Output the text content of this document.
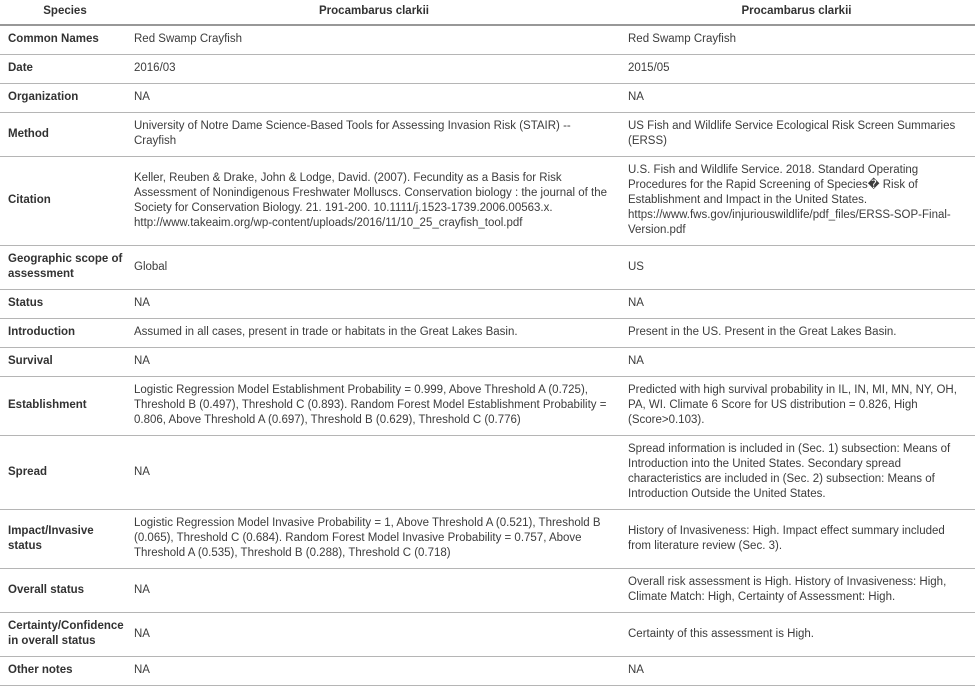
Species	Procambarus clarkii	Procambarus clarkii
Common Names	Red Swamp Crayfish	Red Swamp Crayfish
Date	2016/03	2015/05
Organization	NA	NA
Method	University of Notre Dame Science-Based Tools for Assessing Invasion Risk (STAIR) -- Crayfish	US Fish and Wildlife Service Ecological Risk Screen Summaries (ERSS)
Citation	Keller, Reuben & Drake, John & Lodge, David. (2007). Fecundity as a Basis for Risk Assessment of Nonindigenous Freshwater Molluscs. Conservation biology : the journal of the Society for Conservation Biology. 21. 191-200. 10.1111/j.1523-1739.2006.00563.x. http://www.takeaim.org/wp-content/uploads/2016/11/10_25_crayfish_tool.pdf	U.S. Fish and Wildlife Service. 2018. Standard Operating Procedures for the Rapid Screening of Species� Risk of Establishment and Impact in the United States. https://www.fws.gov/injuriouswildlife/pdf_files/ERSS-SOP-Final-Version.pdf
Geographic scope of assessment	Global	US
Status	NA	NA
Introduction	Assumed in all cases, present in trade or habitats in the Great Lakes Basin.	Present in the US. Present in the Great Lakes Basin.
Survival	NA	NA
Establishment	Logistic Regression Model Establishment Probability = 0.999, Above Threshold A (0.725), Threshold B (0.497), Threshold C (0.893). Random Forest Model Establishment Probability = 0.806, Above Threshold A (0.697), Threshold B (0.629), Threshold C (0.776)	Predicted with high survival probability in IL, IN, MI, MN, NY, OH, PA, WI. Climate 6 Score for US distribution = 0.826, High (Score>0.103).
Spread	NA	Spread information is included in (Sec. 1) subsection: Means of Introduction into the United States. Secondary spread characteristics are included in (Sec. 2) subsection: Means of Introduction Outside the United States.
Impact/Invasive status	Logistic Regression Model Invasive Probability = 1, Above Threshold A (0.521), Threshold B (0.065), Threshold C (0.684). Random Forest Model Invasive Probability = 0.757, Above Threshold A (0.535), Threshold B (0.288), Threshold C (0.718)	History of Invasiveness: High. Impact effect summary included from literature review (Sec. 3).
Overall status	NA	Overall risk assessment is High. History of Invasiveness: High, Climate Match: High, Certainty of Assessment: High.
Certainty/Confidence in overall status	NA	Certainty of this assessment is High.
Other notes	NA	NA
